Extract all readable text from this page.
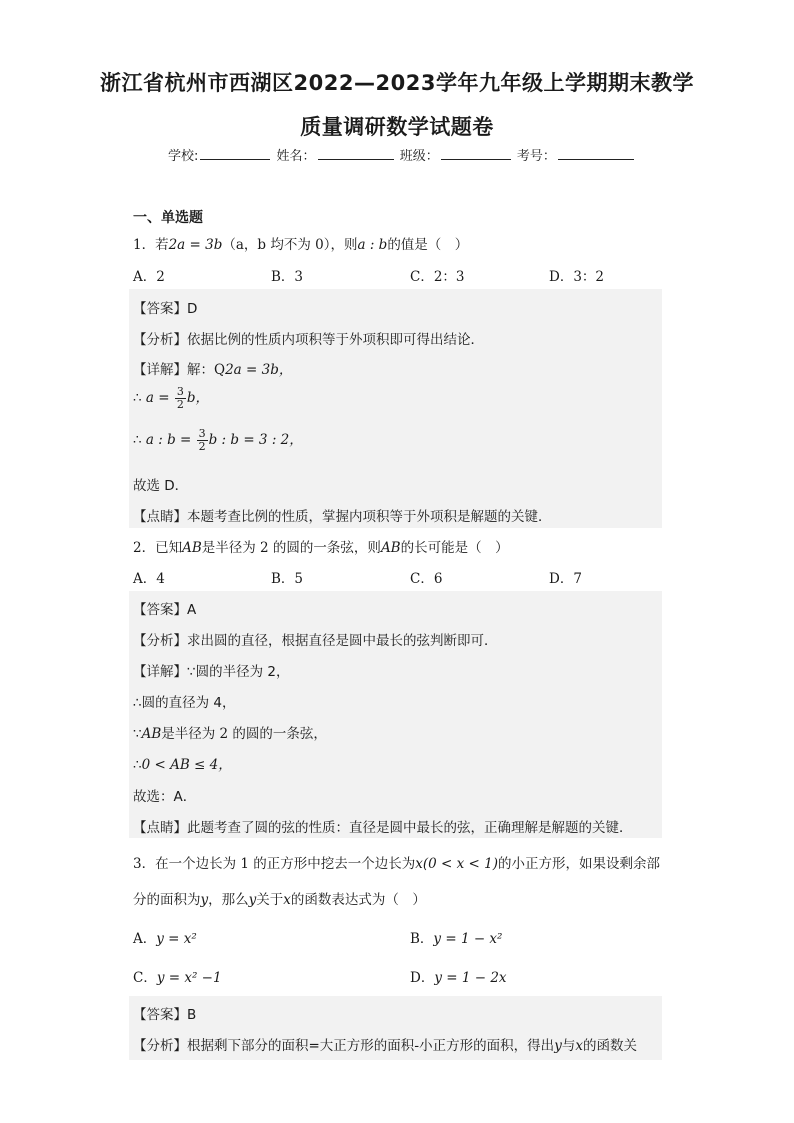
浙江省杭州市西湖区2022—2023学年九年级上学期期末教学
质量调研数学试题卷
学校:	姓名：	班级：	考号：
一、单选题
1．若2a = 3b（a，b 均不为 0），则a : b的值是（　）
A．2	B．3	C．2：3	D．3：2
【答案】D
【分析】依据比例的性质内项积等于外项积即可得出结论．
【详解】解：Q2a = 3b，
∴ $a = \frac{3}{2}$ b，
∴ a : $b = \frac{3}{2}$ b : b = 3 : 2，
故选 D．
【点睛】本题考查比例的性质，掌握内项积等于外项积是解题的关键．
2．已知AB是半径为 2 的圆的一条弦，则AB的长可能是（　）
A．4	B．5	C．6	D．7
【答案】A
【分析】求出圆的直径，根据直径是圆中最长的弦判断即可．
【详解】∵圆的半径为 2，
∴圆的直径为 4，
∵AB是半径为 2 的圆的一条弦，
∴0 < AB ≤ 4，
故选：A．
【点睛】此题考查了圆的弦的性质：直径是圆中最长的弦，正确理解是解题的关键．
3．在一个边长为 1 的正方形中挖去一个边长为x(0 < x < 1)的小正方形，如果设剩余部
分的面积为y，那么y关于x的函数表达式为（　）
A．y = x²	B．y = 1 − x²
C．y = x² −1	D．y = 1 − 2x
【答案】B
【分析】根据剩下部分的面积=大正方形的面积-小正方形的面积，得出y与x的函数关
